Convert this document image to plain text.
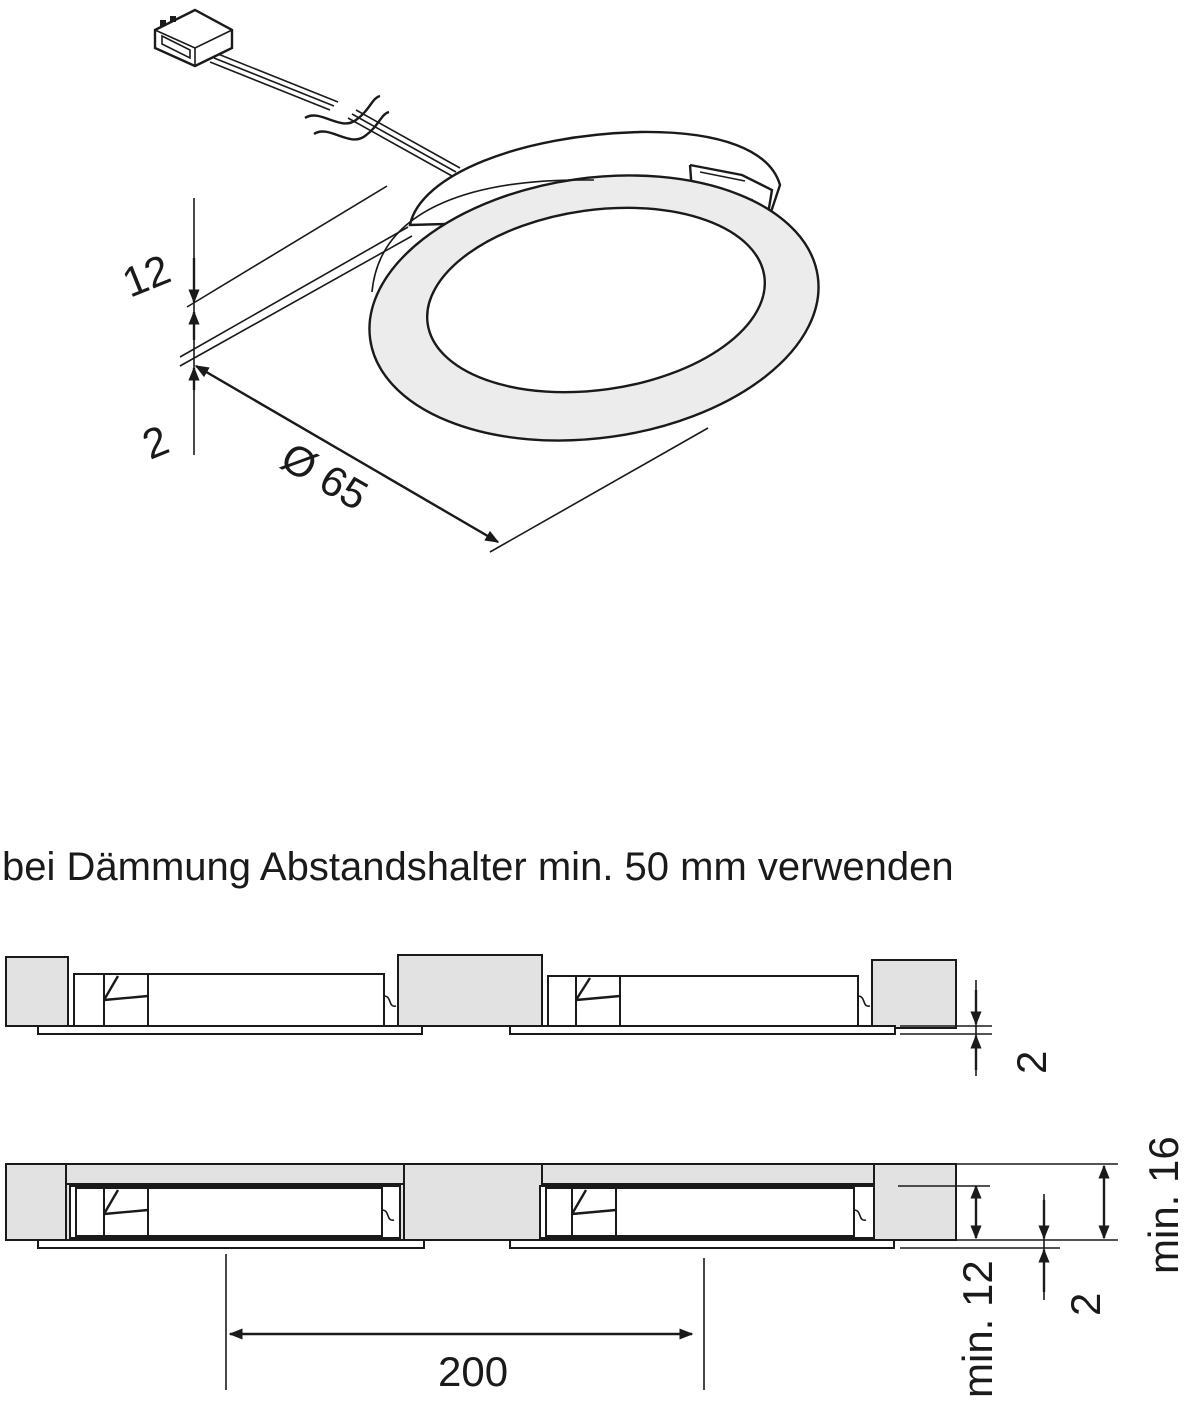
12
2 Ø 65
bei Dämmung Abstandshalter min. 50 mm verwenden
2
min. 12 2
min. 16
200
